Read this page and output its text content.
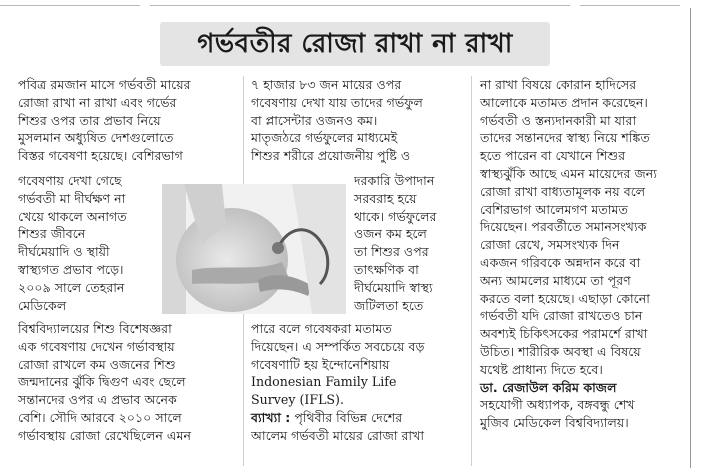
গর্ভবতীর রোজা রাখা না রাখা
পবিত্র রমজান মাসে গর্ভবতী মায়ের
রোজা রাখা না রাখা এবং গর্ভের
শিশুর ওপর তার প্রভাব নিয়ে
মুসলমান অধ্যুষিত দেশগুলোতে
বিস্তর গবেষণা হয়েছে। বেশিরভাগ
গবেষণায় দেখা গেছে
গর্ভবতী মা দীর্ঘক্ষণ না
খেয়ে থাকলে অনাগত
শিশুর জীবনে
দীর্ঘমেয়াদি ও স্থায়ী
স্বাস্থ্যগত প্রভাব পড়ে।
২০০৯ সালে তেহরান
মেডিকেল
বিশ্ববিদ্যালয়ের শিশু বিশেষজ্ঞরা
এক গবেষণায় দেখেন গর্ভাবস্থায়
রোজা রাখলে কম ওজনের শিশু
জন্মদানের ঝুঁকি দ্বিগুণ এবং ছেলে
সন্তানদের ওপর এ প্রভাব অনেক
বেশি। সৌদি আরবে ২০১০ সালে
গর্ভাবস্থায় রোজা রেখেছিলেন এমন
৭ হাজার ৮৩ জন মায়ের ওপর
গবেষণায় দেখা যায় তাদের গর্ভফুল
বা প্লাসেন্টার ওজনও কম।
মাতৃজঠরে গর্ভফুলের মাধ্যমেই
শিশুর শরীরে প্রয়োজনীয় পুষ্টি ও
দরকারি উপাদান
সরবরাহ হয়ে
থাকে। গর্ভফুলের
ওজন কম হলে
তা শিশুর ওপর
তাৎক্ষণিক বা
দীর্ঘমেয়াদি স্বাস্থ্য
জটিলতা হতে
পারে বলে গবেষকরা মতামত
দিয়েছেন। এ সম্পর্কিত সবচেয়ে বড়
গবেষণাটি হয় ইন্দোনেশিয়ায়
Indonesian Family Life
Survey (IFLS).
ব্যাখ্যা : পৃথিবীর বিভিন্ন দেশের
আলেম গর্ভবতী মায়ের রোজা রাখা
না রাখা বিষয়ে কোরান হাদিসের
আলোকে মতামত প্রদান করেছেন।
গর্ভবতী ও স্তন্যদানকারী মা যারা
তাদের সন্তানদের স্বাস্থ্য নিয়ে শঙ্কিত
হতে পারেন বা যেখানে শিশুর
স্বাস্থ্যঝুঁকি আছে এমন মায়েদের জন্য
রোজা রাখা বাধ্যতামূলক নয় বলে
বেশিরভাগ আলেমগণ মতামত
দিয়েছেন। পরবর্তীতে সমানসংখ্যক
রোজা রেখে, সমসংখ্যক দিন
একজন গরিবকে অন্নদান করে বা
অন্য আমলের মাধ্যমে তা পূরণ
করতে বলা হয়েছে। এছাড়া কোনো
গর্ভবতী যদি রোজা রাখতেও চান
অবশ্যই চিকিৎসকের পরামর্শে রাখা
উচিত। শারীরিক অবস্থা এ বিষয়ে
যথেষ্ট প্রাধান্য দিতে হবে।
ডা. রেজাউল করিম কাজল
সহযোগী অধ্যাপক, বঙ্গবন্ধু শেখ
মুজিব মেডিকেল বিশ্ববিদ্যালয়।
